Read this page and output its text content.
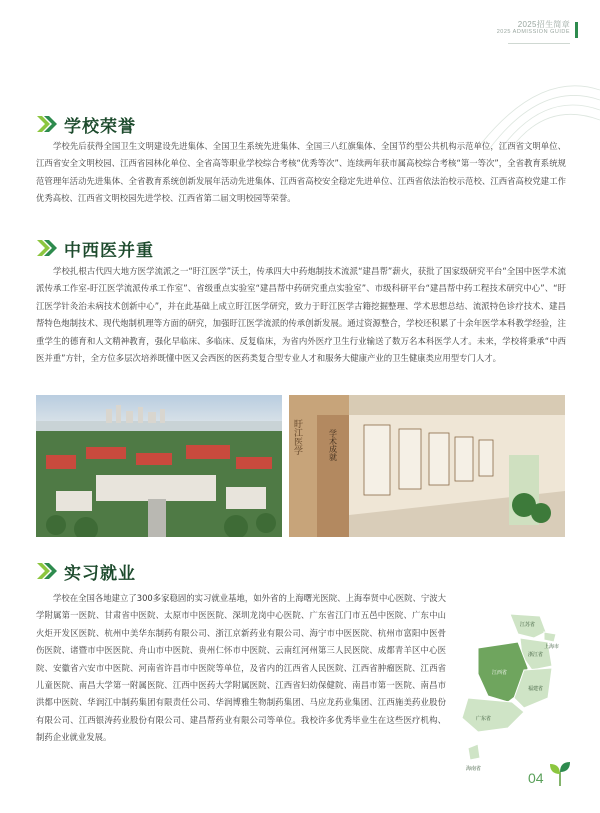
2025招生简章
2025 ADMISSION GUIDE
学校荣誉

学校先后获得全国卫生文明建设先进集体、全国卫生系统先进集体、全国三八红旗集体、全国节约型公共机构示范单位，江西省文明单位、江西省安全文明校园、江西省园林化单位、全省高等职业学校综合考核“优秀等次”、连续两年获市属高校综合考核“第一等次”，全省教育系统规范管理年活动先进集体、全省教育系统创新发展年活动先进集体、江西省高校安全稳定先进单位、江西省依法治校示范校、江西省高校党建工作优秀高校、江西省文明校园先进学校、江西省第二届文明校园等荣誉。

中西医并重

学校扎根古代四大地方医学流派之一“盱江医学”沃土，传承四大中药炮制技术流派“建昌帮”薪火，获批了国家级研究平台“全国中医学术流派传承工作室-盱江医学流派传承工作室”、省级重点实验室“建昌帮中药研究重点实验室”、市级科研平台“建昌帮中药工程技术研究中心”、“盱江医学针灸治未病技术创新中心”，并在此基础上成立盱江医学研究，致力于盱江医学古籍挖掘整理、学术思想总结、流派特色诊疗技术、建昌帮特色炮制技术、现代炮制机理等方面的研究，加强盱江医学流派的传承创新发展。通过资源整合，学校还积累了十余年医学本科教学经验，注重学生的德育和人文精神教育，强化早临床、多临床、反复临床，为省内外医疗卫生行业输送了数万名本科医学人才。未来，学校将秉承“中西医并重”方针，全方位多层次培养既懂中医又会西医的医药类复合型专业人才和服务大健康产业的卫生健康类应用型专门人才。

盱江医学	学术成就
实习就业

学校在全国各地建立了300多家稳固的实习就业基地，如外省的上海曙光医院、上海奉贤中心医院、宁波大学附属第一医院、甘肃省中医院、太原市中医医院、深圳龙岗中心医院、广东省江门市五邑中医院、广东中山火炬开发区医院、杭州中美华东制药有限公司、浙江京新药业有限公司、海宁市中医医院、杭州市富阳中医骨伤医院、诸暨市中医医院、舟山市中医院、贵州仁怀市中医院、云南红河州第三人民医院、成都青羊区中心医院、安徽省六安市中医院、河南省许昌市中医院等单位，及省内的江西省人民医院、江西省肿瘤医院、江西省儿童医院、南昌大学第一附属医院、江西中医药大学附属医院、江西省妇幼保健院、南昌市第一医院、南昌市洪都中医院、华润江中制药集团有限责任公司、华润博雅生物制药集团、马应龙药业集团、江西施美药业股份有限公司、江西银涛药业股份有限公司、建昌帮药业有限公司等单位。我校许多优秀毕业生在这些医疗机构、制药企业就业发展。

江苏省
上海市
浙江省
江西省
福建省
广东省
海南省
04
